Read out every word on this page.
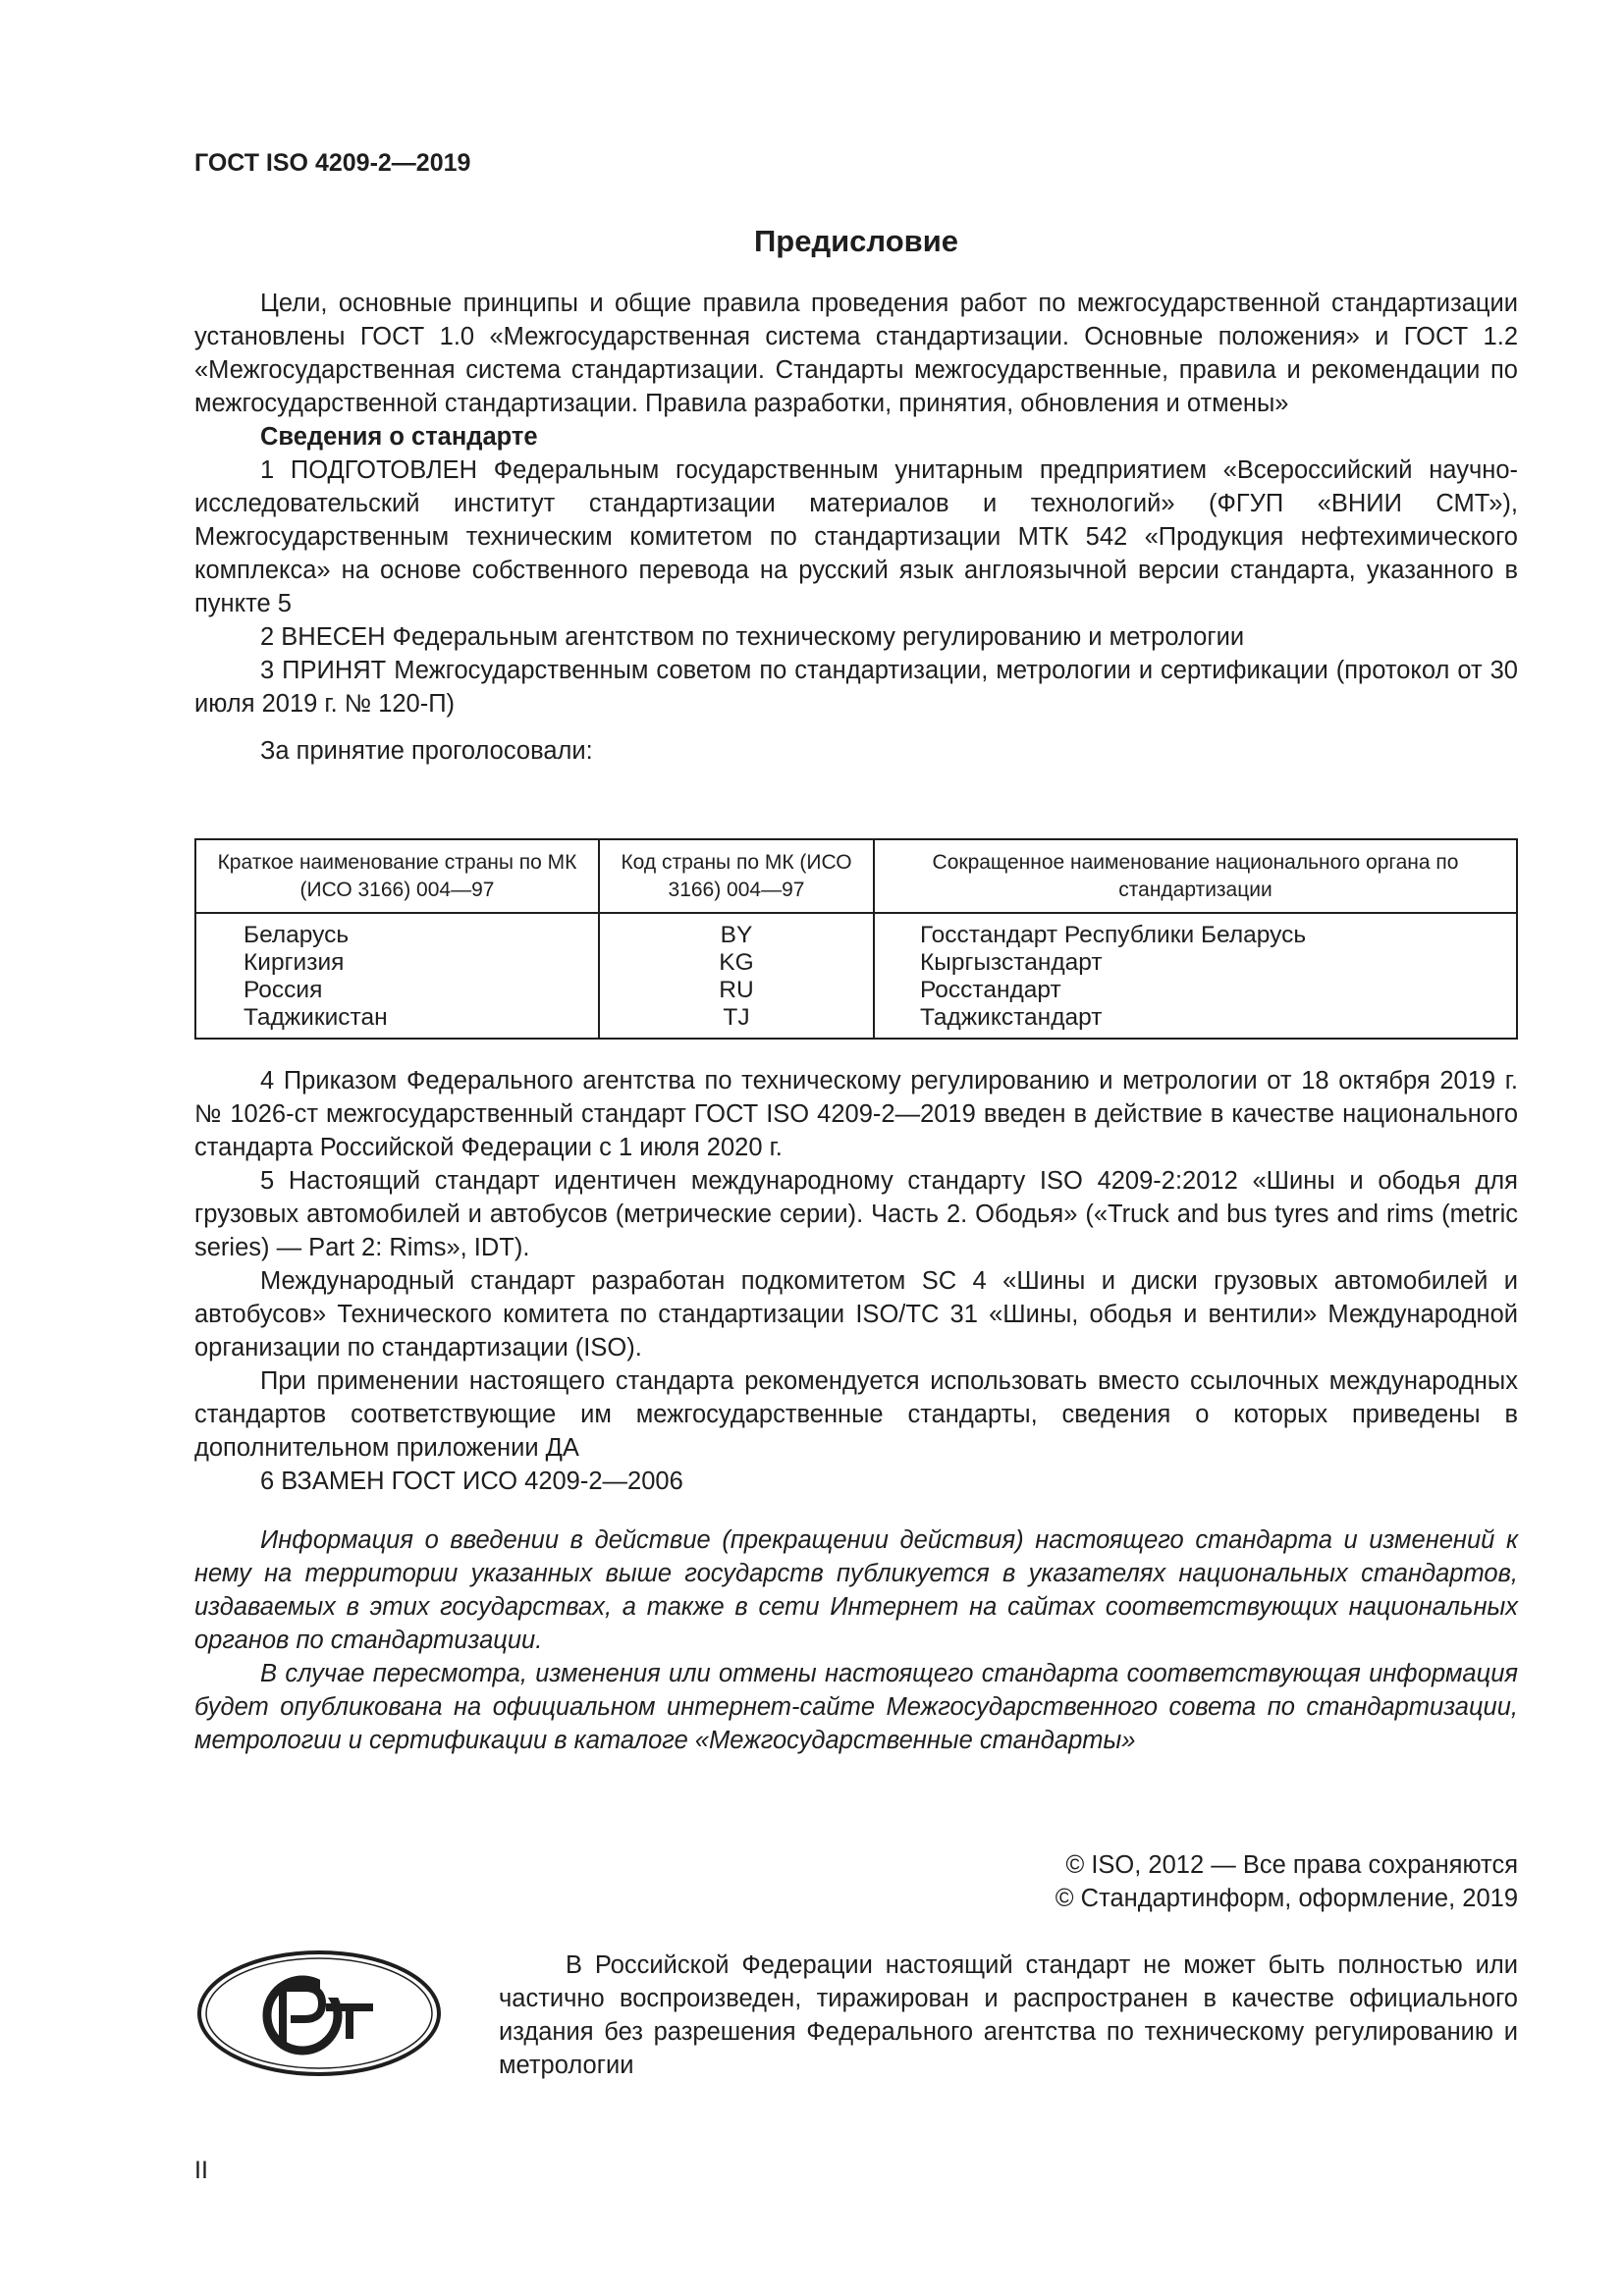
ГОСТ ISO 4209-2—2019
Предисловие

Цели, основные принципы и общие правила проведения работ по межгосударственной стандартизации установлены ГОСТ 1.0 «Межгосударственная система стандартизации. Основные положения» и ГОСТ 1.2 «Межгосударственная система стандартизации. Стандарты межгосударственные, правила и рекомендации по межгосударственной стандартизации. Правила разработки, принятия, обновления и отмены»

Сведения о стандарте

1 ПОДГОТОВЛЕН Федеральным государственным унитарным предприятием «Всероссийский научно-исследовательский институт стандартизации материалов и технологий» (ФГУП «ВНИИ СМТ»), Межгосударственным техническим комитетом по стандартизации МТК 542 «Продукция нефтехимического комплекса» на основе собственного перевода на русский язык англоязычной версии стандарта, указанного в пункте 5

2 ВНЕСЕН Федеральным агентством по техническому регулированию и метрологии

3 ПРИНЯТ Межгосударственным советом по стандартизации, метрологии и сертификации (протокол от 30 июля 2019 г. № 120-П)

За принятие проголосовали:

Краткое наименование страны по МК (ИСО 3166) 004—97	Код страны по МК (ИСО 3166) 004—97	Сокращенное наименование национального органа по стандартизации
Беларусь	BY	Госстандарт Республики Беларусь
Киргизия	KG	Кыргызстандарт
Россия	RU	Росстандарт
Таджикистан	TJ	Таджикстандарт

4 Приказом Федерального агентства по техническому регулированию и метрологии от 18 октября 2019 г. № 1026-ст межгосударственный стандарт ГОСТ ISO 4209-2—2019 введен в действие в качестве национального стандарта Российской Федерации с 1 июля 2020 г.

5 Настоящий стандарт идентичен международному стандарту ISO 4209-2:2012 «Шины и ободья для грузовых автомобилей и автобусов (метрические серии). Часть 2. Ободья» («Truck and bus tyres and rims (metric series) — Part 2: Rims», IDT).

Международный стандарт разработан подкомитетом SC 4 «Шины и диски грузовых автомобилей и автобусов» Технического комитета по стандартизации ISO/TC 31 «Шины, ободья и вентили» Международной организации по стандартизации (ISO).

При применении настоящего стандарта рекомендуется использовать вместо ссылочных международных стандартов соответствующие им межгосударственные стандарты, сведения о которых приведены в дополнительном приложении ДА

6 ВЗАМЕН ГОСТ ИСО 4209-2—2006

Информация о введении в действие (прекращении действия) настоящего стандарта и изменений к нему на территории указанных выше государств публикуется в указателях национальных стандартов, издаваемых в этих государствах, а также в сети Интернет на сайтах соответствующих национальных органов по стандартизации.

В случае пересмотра, изменения или отмены настоящего стандарта соответствующая информация будет опубликована на официальном интернет-сайте Межгосударственного совета по стандартизации, метрологии и сертификации в каталоге «Межгосударственные стандарты»

© ISO, 2012 — Все права сохраняются
© Стандартинформ, оформление, 2019

В Российской Федерации настоящий стандарт не может быть полностью или частично воспроизведен, тиражирован и распространен в качестве официального издания без разрешения Федерального агентства по техническому регулированию и метрологии

II
